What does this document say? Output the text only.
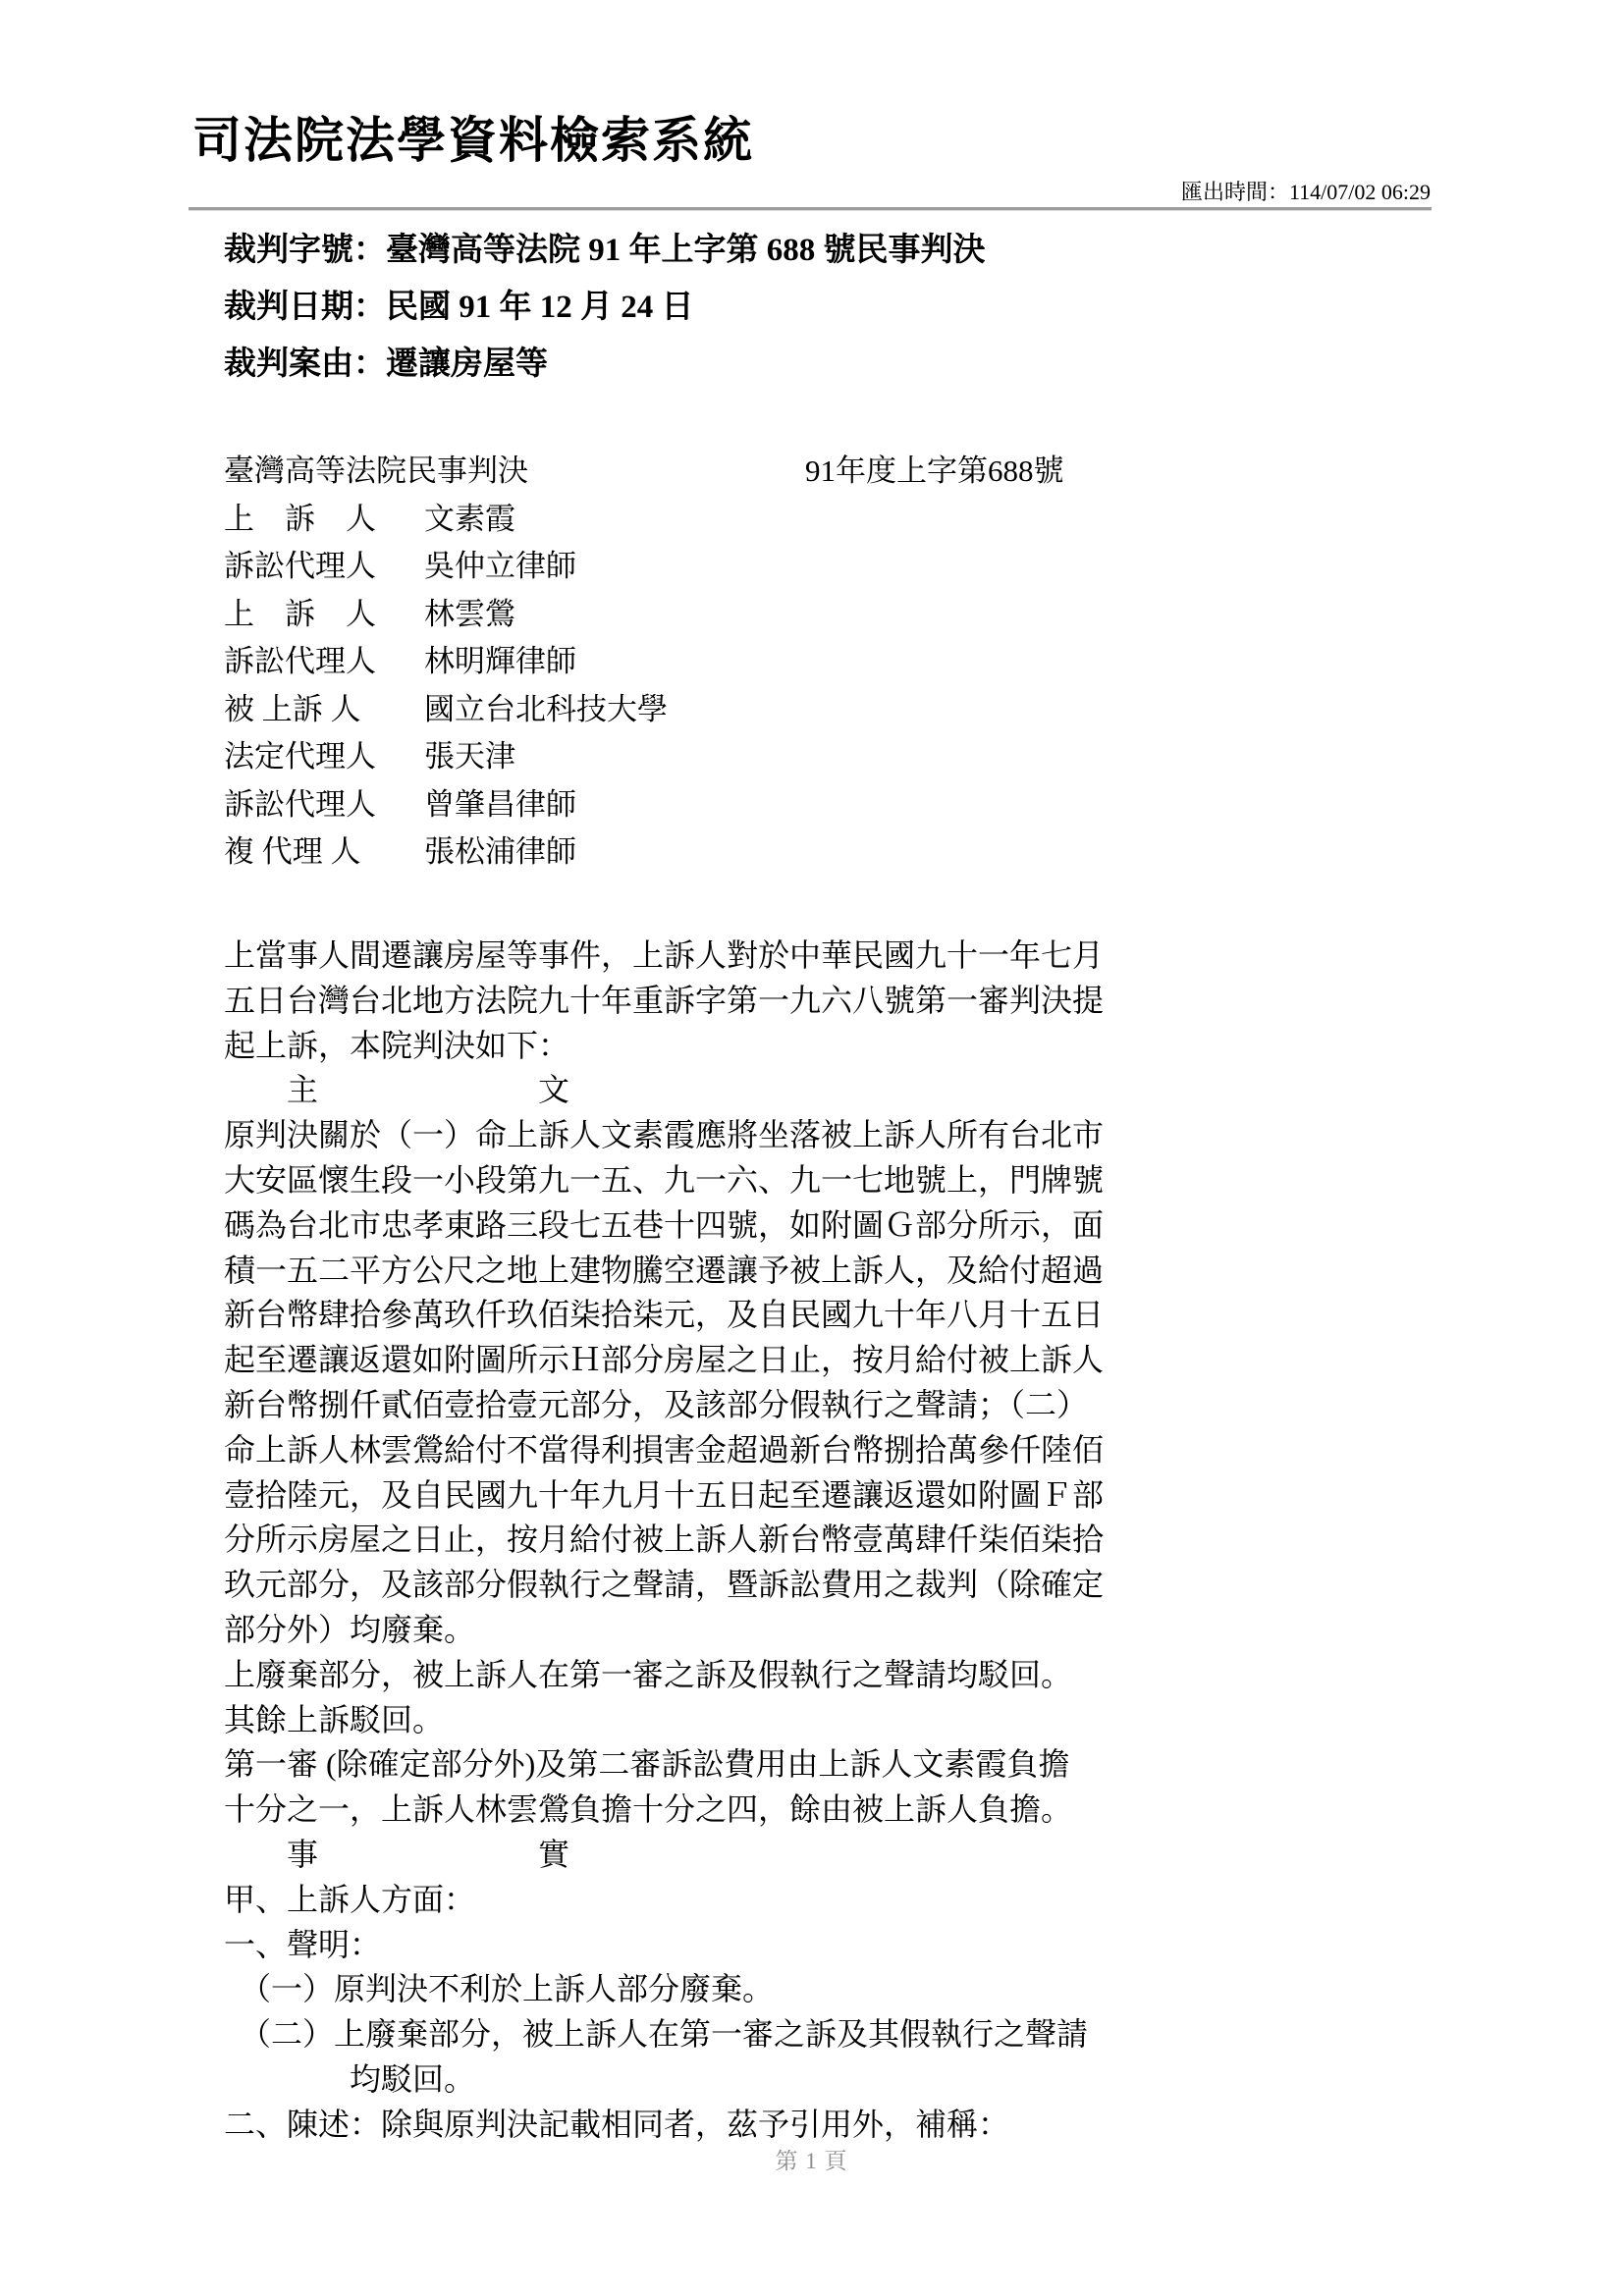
司法院法學資料檢索系統
匯出時間：114/07/02 06:29
裁判字號：臺灣高等法院 91 年上字第 688 號民事判決
裁判日期：民國 91 年 12 月 24 日
裁判案由：遷讓房屋等
臺灣高等法院民事判決	91年度上字第688號
上　訴　人 文素霞
訴訟代理人 吳仲立律師
上　訴　人 林雲鶯
訴訟代理人 林明輝律師
被 上訴 人 國立台北科技大學
法定代理人 張天津
訴訟代理人 曾肇昌律師
複 代理 人 張松浦律師
上當事人間遷讓房屋等事件，上訴人對於中華民國九十一年七月
五日台灣台北地方法院九十年重訴字第一九六八號第一審判決提
起上訴，本院判決如下：
　　主　　　　　　　文
原判決關於（一）命上訴人文素霞應將坐落被上訴人所有台北市
大安區懷生段一小段第九一五、九一六、九一七地號上，門牌號
碼為台北市忠孝東路三段七五巷十四號，如附圖Ｇ部分所示，面
積一五二平方公尺之地上建物騰空遷讓予被上訴人，及給付超過
新台幣肆拾參萬玖仟玖佰柒拾柒元，及自民國九十年八月十五日
起至遷讓返還如附圖所示Ｈ部分房屋之日止，按月給付被上訴人
新台幣捌仟貳佰壹拾壹元部分，及該部分假執行之聲請；（二）
命上訴人林雲鶯給付不當得利損害金超過新台幣捌拾萬參仟陸佰
壹拾陸元，及自民國九十年九月十五日起至遷讓返還如附圖Ｆ部
分所示房屋之日止，按月給付被上訴人新台幣壹萬肆仟柒佰柒拾
玖元部分，及該部分假執行之聲請，暨訴訟費用之裁判（除確定
部分外）均廢棄。
上廢棄部分，被上訴人在第一審之訴及假執行之聲請均駁回。
其餘上訴駁回。
第一審 (除確定部分外)及第二審訴訟費用由上訴人文素霞負擔
十分之一，上訴人林雲鶯負擔十分之四，餘由被上訴人負擔。
　　事　　　　　　　實
甲、上訴人方面：
一、聲明：
　（一）原判決不利於上訴人部分廢棄。
　（二）上廢棄部分，被上訴人在第一審之訴及其假執行之聲請
　　　　均駁回。
二、陳述：除與原判決記載相同者，茲予引用外，補稱：
第 1 頁
